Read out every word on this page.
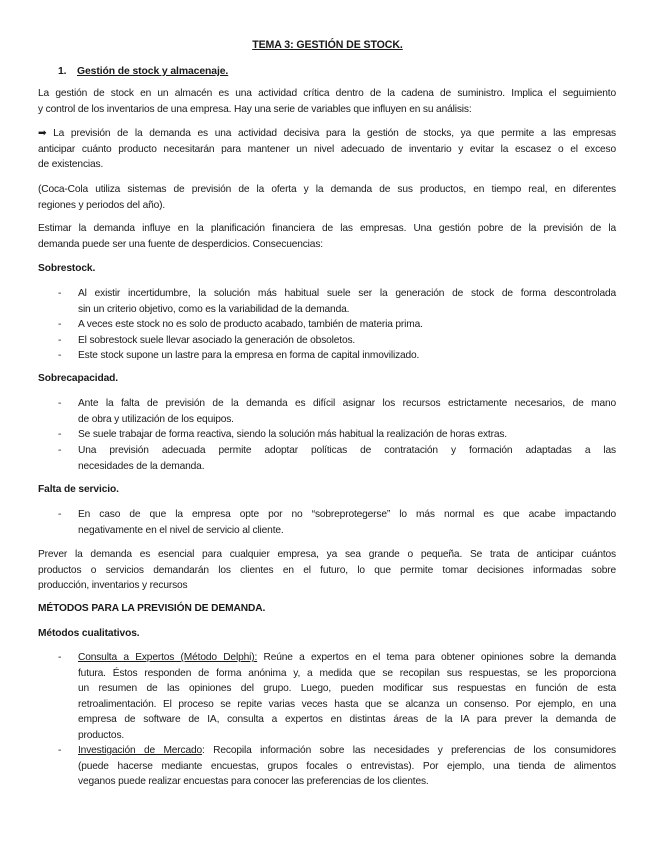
TEMA 3: GESTIÓN DE STOCK.
1. Gestión de stock y almacenaje.
La gestión de stock en un almacén es una actividad crítica dentro de la cadena de suministro. Implica el seguimiento
y control de los inventarios de una empresa. Hay una serie de variables que influyen en su análisis:
➡ La previsión de la demanda es una actividad decisiva para la gestión de stocks, ya que permite a las empresas
anticipar cuánto producto necesitarán para mantener un nivel adecuado de inventario y evitar la escasez o el exceso
de existencias.
(Coca-Cola utiliza sistemas de previsión de la oferta y la demanda de sus productos, en tiempo real, en diferentes
regiones y periodos del año).
Estimar la demanda influye en la planificación financiera de las empresas. Una gestión pobre de la previsión de la
demanda puede ser una fuente de desperdicios. Consecuencias:
Sobrestock.
- Al existir incertidumbre, la solución más habitual suele ser la generación de stock de forma descontrolada
sin un criterio objetivo, como es la variabilidad de la demanda.
- A veces este stock no es solo de producto acabado, también de materia prima.
- El sobrestock suele llevar asociado la generación de obsoletos.
- Este stock supone un lastre para la empresa en forma de capital inmovilizado.
Sobrecapacidad.
- Ante la falta de previsión de la demanda es difícil asignar los recursos estrictamente necesarios, de mano
de obra y utilización de los equipos.
- Se suele trabajar de forma reactiva, siendo la solución más habitual la realización de horas extras.
- Una previsión adecuada permite adoptar políticas de contratación y formación adaptadas a las
necesidades de la demanda.
Falta de servicio.
- En caso de que la empresa opte por no “sobreprotegerse” lo más normal es que acabe impactando
negativamente en el nivel de servicio al cliente.
Prever la demanda es esencial para cualquier empresa, ya sea grande o pequeña. Se trata de anticipar cuántos
productos o servicios demandarán los clientes en el futuro, lo que permite tomar decisiones informadas sobre
producción, inventarios y recursos
MÉTODOS PARA LA PREVISIÓN DE DEMANDA.
Métodos cualitativos.
- Consulta a Expertos (Método Delphi): Reúne a expertos en el tema para obtener opiniones sobre la demanda
futura. Éstos responden de forma anónima y, a medida que se recopilan sus respuestas, se les proporciona
un resumen de las opiniones del grupo. Luego, pueden modificar sus respuestas en función de esta
retroalimentación. El proceso se repite varias veces hasta que se alcanza un consenso. Por ejemplo, en una
empresa de software de IA, consulta a expertos en distintas áreas de la IA para prever la demanda de
productos.
- Investigación de Mercado: Recopila información sobre las necesidades y preferencias de los consumidores
(puede hacerse mediante encuestas, grupos focales o entrevistas). Por ejemplo, una tienda de alimentos
veganos puede realizar encuestas para conocer las preferencias de los clientes.
